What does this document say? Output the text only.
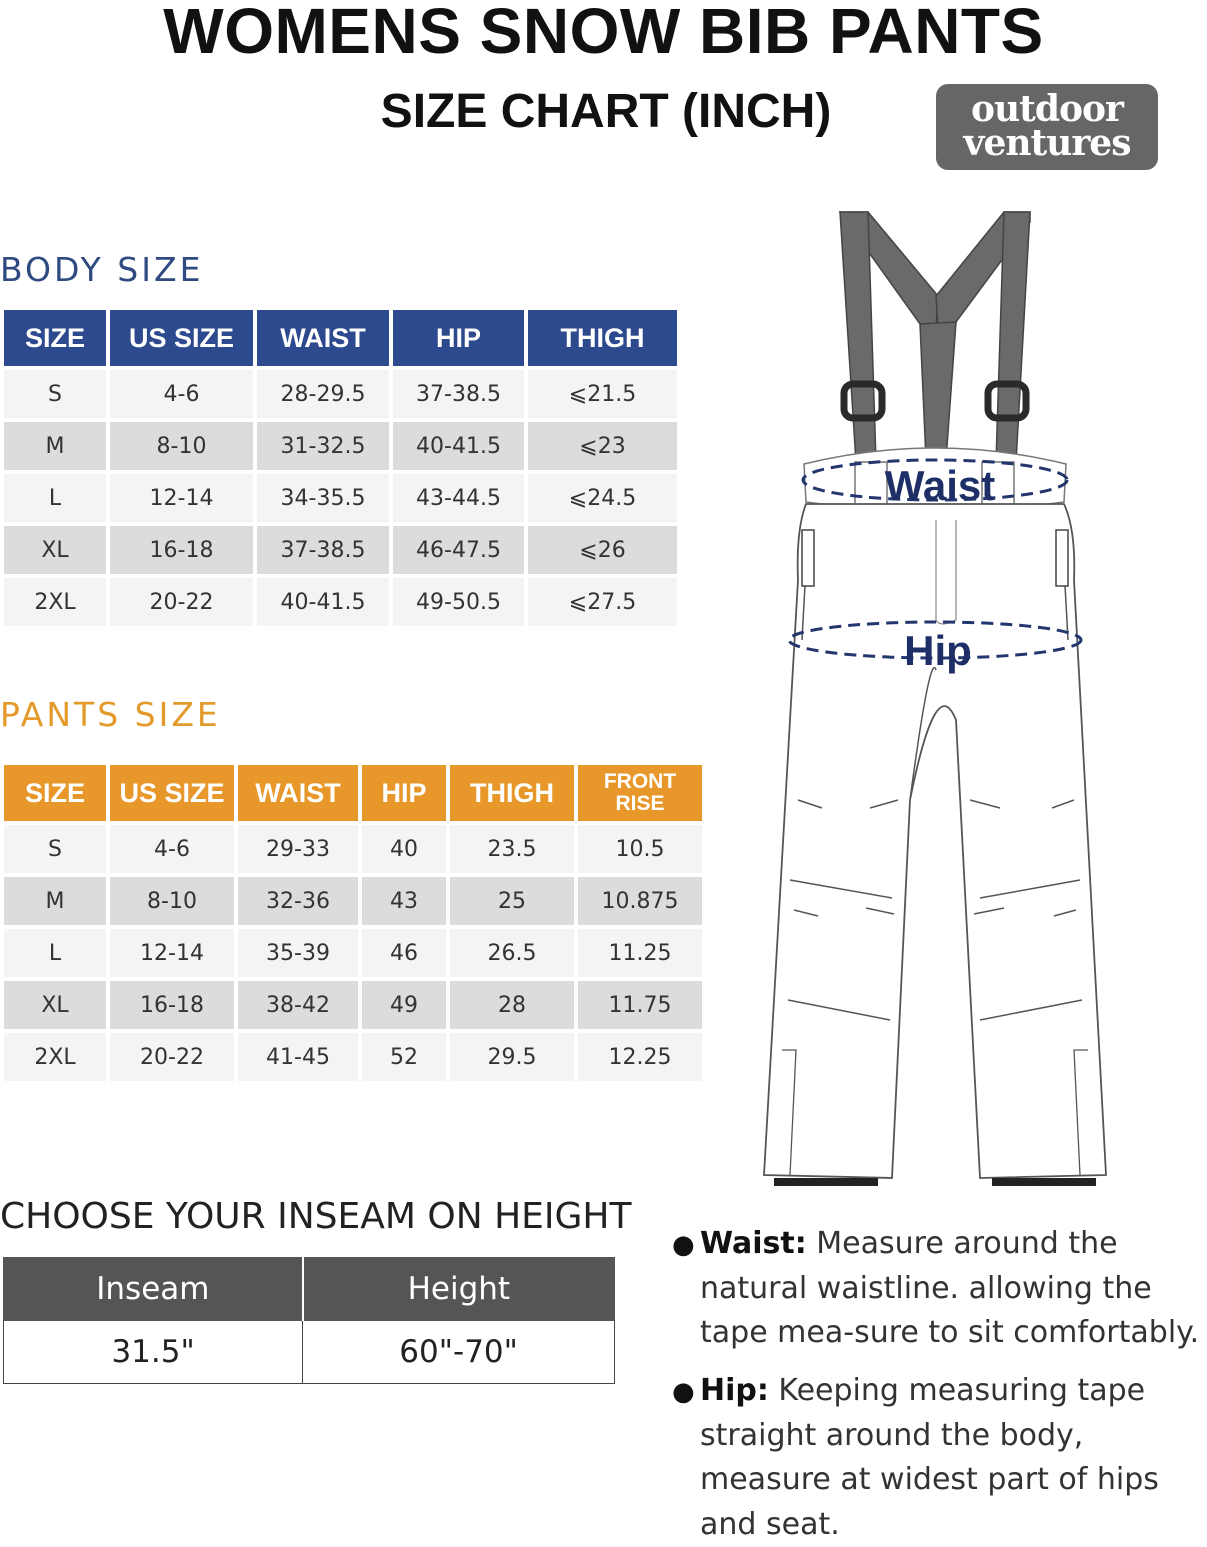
WOMENS SNOW BIB PANTS
SIZE CHART (INCH)	outdoor
ventures
BODY SIZE
SIZE	US SIZE	WAIST	HIP	THIGH
S	4-6	28-29.5	37-38.5	⩽21.5
M	8-10	31-32.5	40-41.5	⩽23
L	12-14	34-35.5	43-44.5	⩽24.5
XL	16-18	37-38.5	46-47.5	⩽26
2XL	20-22	40-41.5	49-50.5	⩽27.5
PANTS SIZE
SIZE	US SIZE	WAIST	HIP	THIGH	FRONT RISE
S	4-6	29-33	40	23.5	10.5
M	8-10	32-36	43	25	10.875
L	12-14	35-39	46	26.5	11.25
XL	16-18	38-42	49	28	11.75
2XL	20-22	41-45	52	29.5	12.25
CHOOSE YOUR INSEAM ON HEIGHT
Inseam	Height
31.5"	60"-70"
Waist
Hip
● Waist: Measure around the natural waistline. allowing the tape mea-sure to sit comfortably.
● Hip: Keeping measuring tape straight around the body, measure at widest part of hips and seat.
